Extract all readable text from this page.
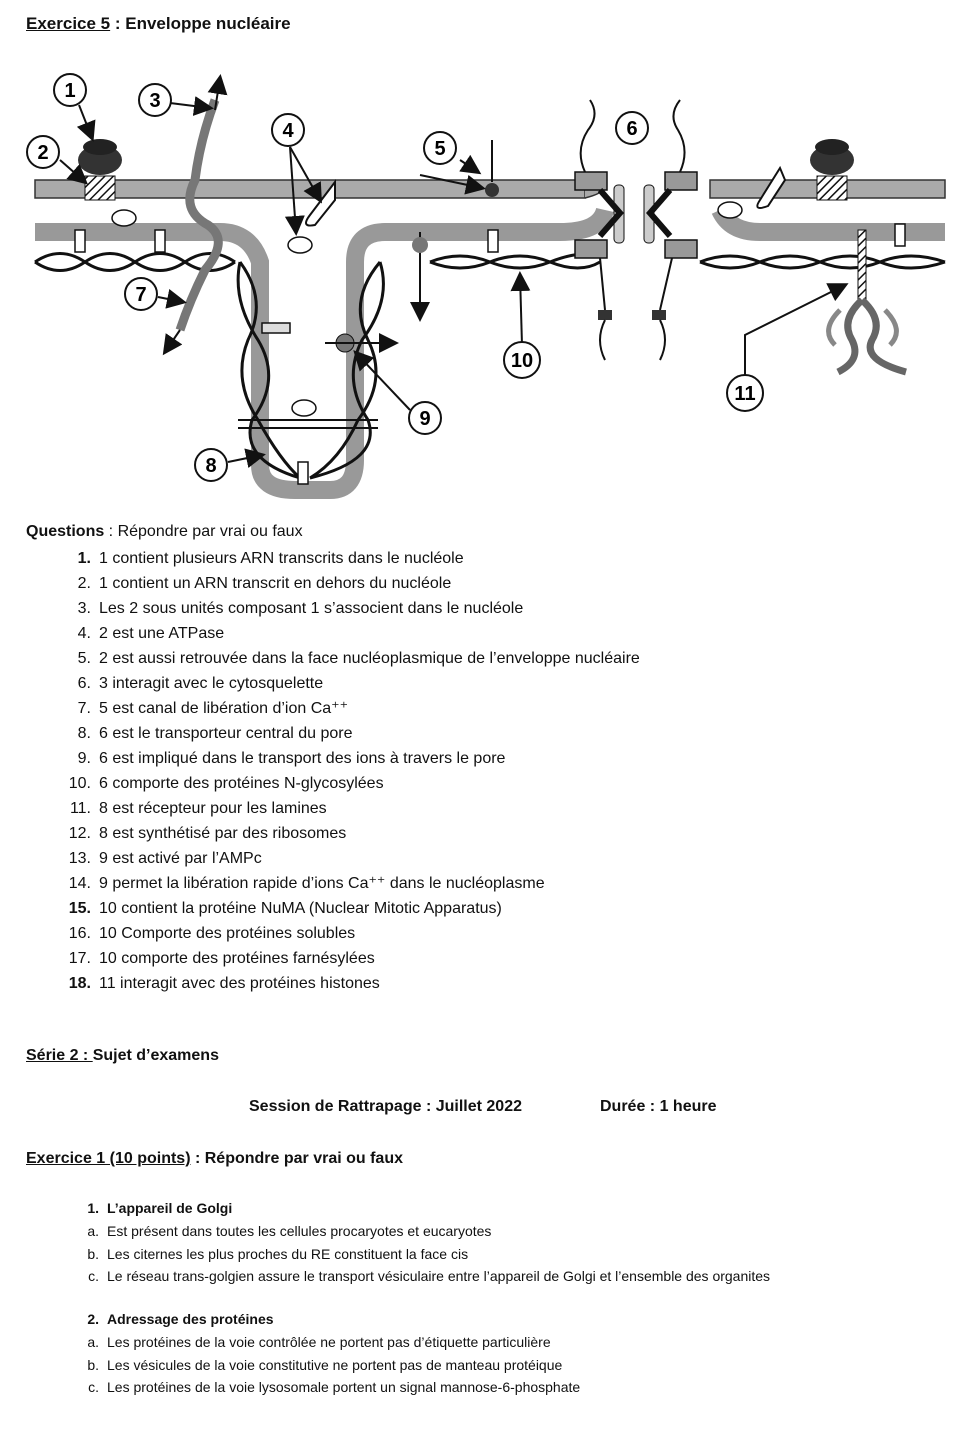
Exercice 5 : Enveloppe nucléaire
1
2
3
4
5
6
7
8
9
10
11
Questions : Répondre par vrai ou faux
1. 1 contient plusieurs ARN transcrits dans le nucléole
2. 1 contient un ARN transcrit en dehors du nucléole
3. Les 2 sous unités composant 1 s’associent dans le nucléole
4. 2 est une ATPase
5. 2 est aussi retrouvée dans la face nucléoplasmique de l’enveloppe nucléaire
6. 3 interagit avec le cytosquelette
7. 5 est canal de libération d’ion Ca⁺⁺
8. 6 est le transporteur central du pore
9. 6 est impliqué dans le transport des ions à travers le pore
10. 6 comporte des protéines N-glycosylées
11. 8 est récepteur pour les lamines
12. 8 est synthétisé par des ribosomes
13. 9 est activé par l’AMPc
14. 9 permet la libération rapide d’ions Ca⁺⁺ dans le nucléoplasme
15. 10 contient la protéine NuMA (Nuclear Mitotic Apparatus)
16. 10 Comporte des protéines solubles
17. 10 comporte des protéines farnésylées
18. 11 interagit avec des protéines histones
Série 2 : Sujet d’examens
Session de Rattrapage : Juillet 2022	Durée : 1 heure
Exercice 1 (10 points) : Répondre par vrai ou faux
1. L’appareil de Golgi
a. Est présent dans toutes les cellules procaryotes et eucaryotes
b. Les citernes les plus proches du RE constituent la face cis
c. Le réseau trans-golgien assure le transport vésiculaire entre l’appareil de Golgi et l’ensemble des organites
2. Adressage des protéines
a. Les protéines de la voie contrôlée ne portent pas d’étiquette particulière
b. Les vésicules de la voie constitutive ne portent pas de manteau protéique
c. Les protéines de la voie lysosomale portent un signal mannose-6-phosphate
